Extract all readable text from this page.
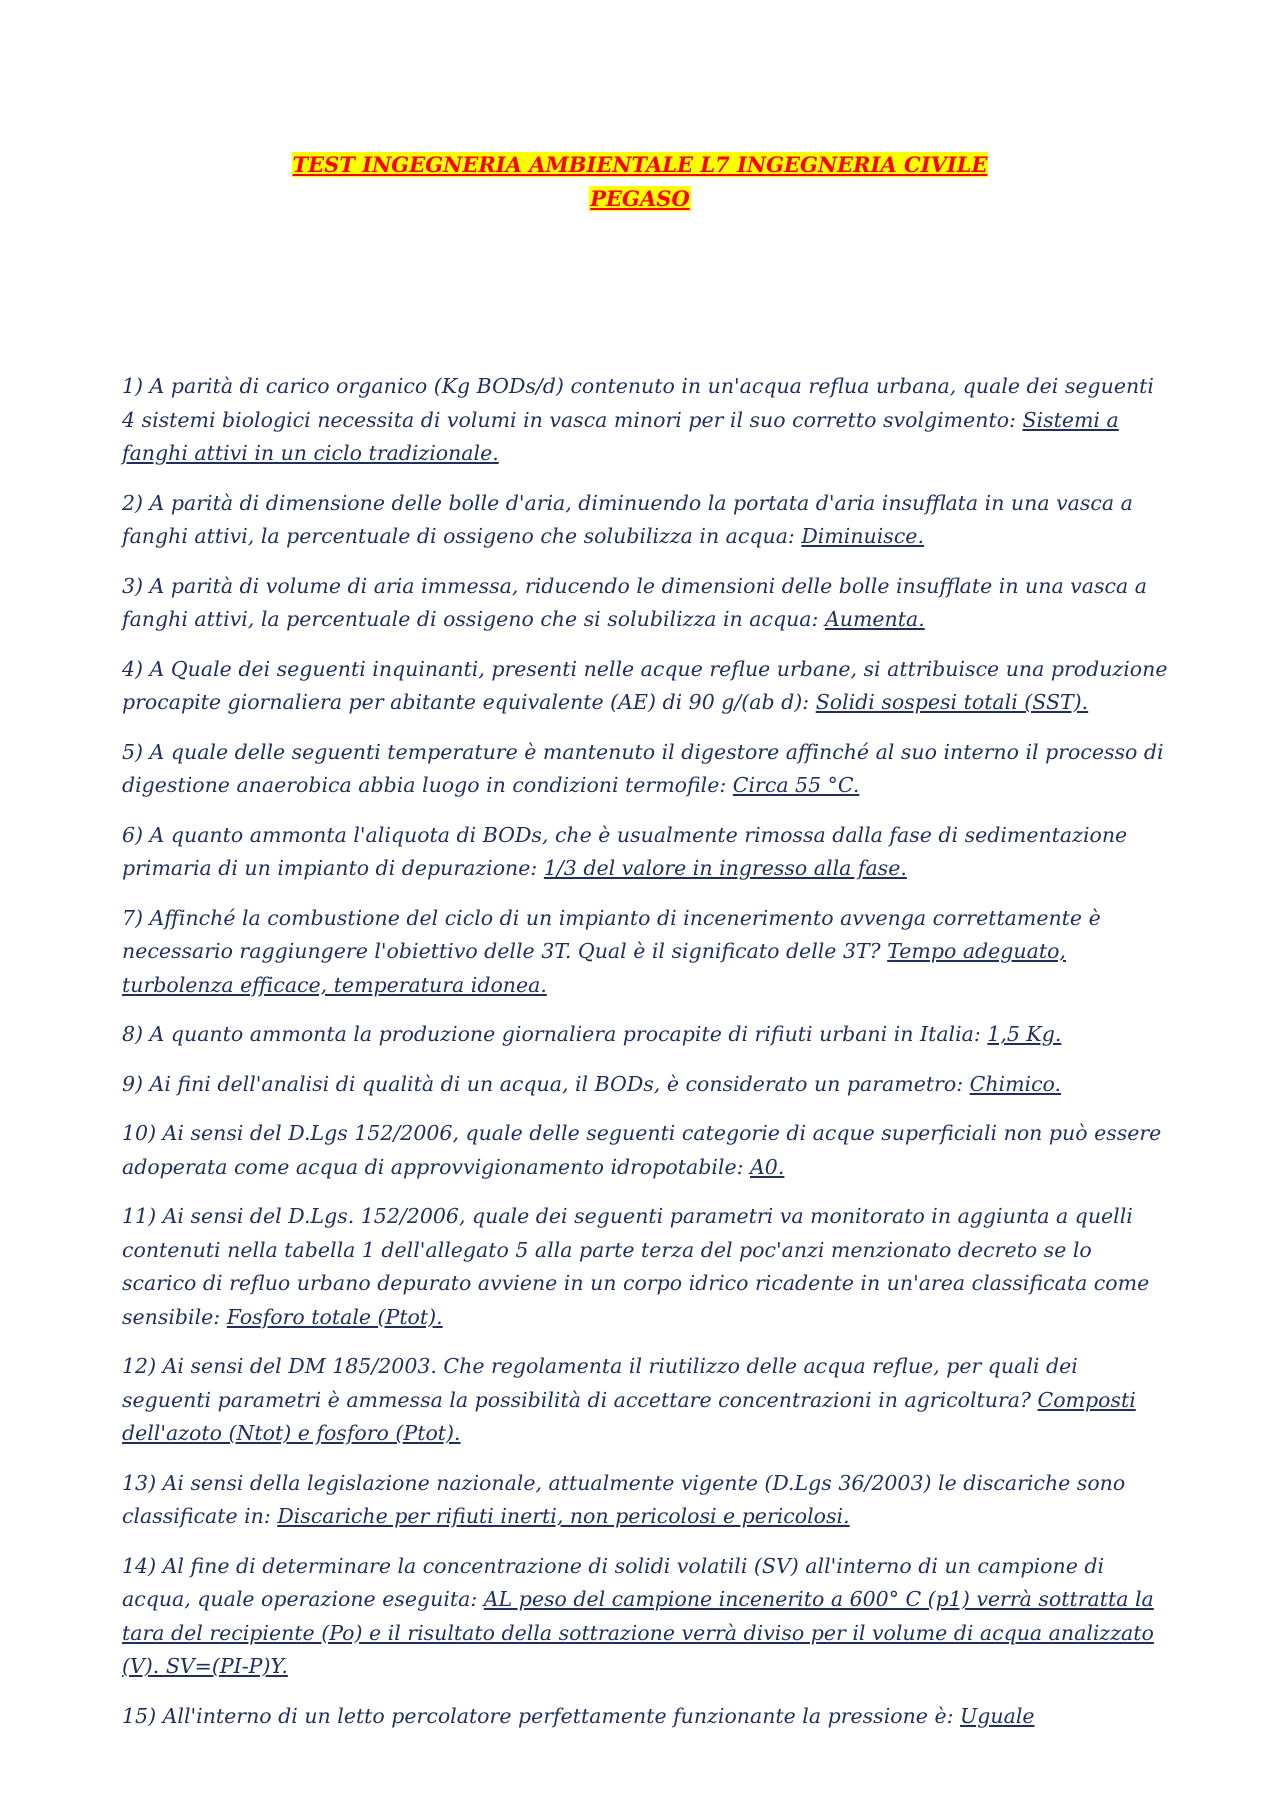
TEST INGEGNERIA AMBIENTALE L7 INGEGNERIA CIVILE
PEGASO

1) A parità di carico organico (Kg BODs/d) contenuto in un'acqua reflua urbana, quale dei seguenti 4 sistemi biologici necessita di volumi in vasca minori per il suo corretto svolgimento: Sistemi a fanghi attivi in un ciclo tradizionale.

2) A parità di dimensione delle bolle d'aria, diminuendo la portata d'aria insufflata in una vasca a fanghi attivi, la percentuale di ossigeno che solubilizza in acqua: Diminuisce.

3) A parità di volume di aria immessa, riducendo le dimensioni delle bolle insufflate in una vasca a fanghi attivi, la percentuale di ossigeno che si solubilizza in acqua: Aumenta.

4) A Quale dei seguenti inquinanti, presenti nelle acque reflue urbane, si attribuisce una produzione procapite giornaliera per abitante equivalente (AE) di 90 g/(ab d): Solidi sospesi totali (SST).

5) A quale delle seguenti temperature è mantenuto il digestore affinché al suo interno il processo di digestione anaerobica abbia luogo in condizioni termofile: Circa 55 °C.

6) A quanto ammonta l'aliquota di BODs, che è usualmente rimossa dalla fase di sedimentazione primaria di un impianto di depurazione: 1/3 del valore in ingresso alla fase.

7) Affinché la combustione del ciclo di un impianto di incenerimento avvenga correttamente è necessario raggiungere l'obiettivo delle 3T. Qual è il significato delle 3T? Tempo adeguato, turbolenza efficace, temperatura idonea.

8) A quanto ammonta la produzione giornaliera procapite di rifiuti urbani in Italia: 1,5 Kg.

9) Ai fini dell'analisi di qualità di un acqua, il BODs, è considerato un parametro: Chimico.

10) Ai sensi del D.Lgs 152/2006, quale delle seguenti categorie di acque superficiali non può essere adoperata come acqua di approvvigionamento idropotabile: A0.

11) Ai sensi del D.Lgs. 152/2006, quale dei seguenti parametri va monitorato in aggiunta a quelli contenuti nella tabella 1 dell'allegato 5 alla parte terza del poc'anzi menzionato decreto se lo scarico di refluo urbano depurato avviene in un corpo idrico ricadente in un'area classificata come sensibile: Fosforo totale (Ptot).

12) Ai sensi del DM 185/2003. Che regolamenta il riutilizzo delle acqua reflue, per quali dei seguenti parametri è ammessa la possibilità di accettare concentrazioni in agricoltura? Composti dell'azoto (Ntot) e fosforo (Ptot).

13) Ai sensi della legislazione nazionale, attualmente vigente (D.Lgs 36/2003) le discariche sono classificate in: Discariche per rifiuti inerti, non pericolosi e pericolosi.

14) Al fine di determinare la concentrazione di solidi volatili (SV) all'interno di un campione di acqua, quale operazione eseguita: AL peso del campione incenerito a 600° C (p1) verrà sottratta la tara del recipiente (Po) e il risultato della sottrazione verrà diviso per il volume di acqua analizzato (V). SV=(PI-P)Y.

15) All'interno di un letto percolatore perfettamente funzionante la pressione è: Uguale
